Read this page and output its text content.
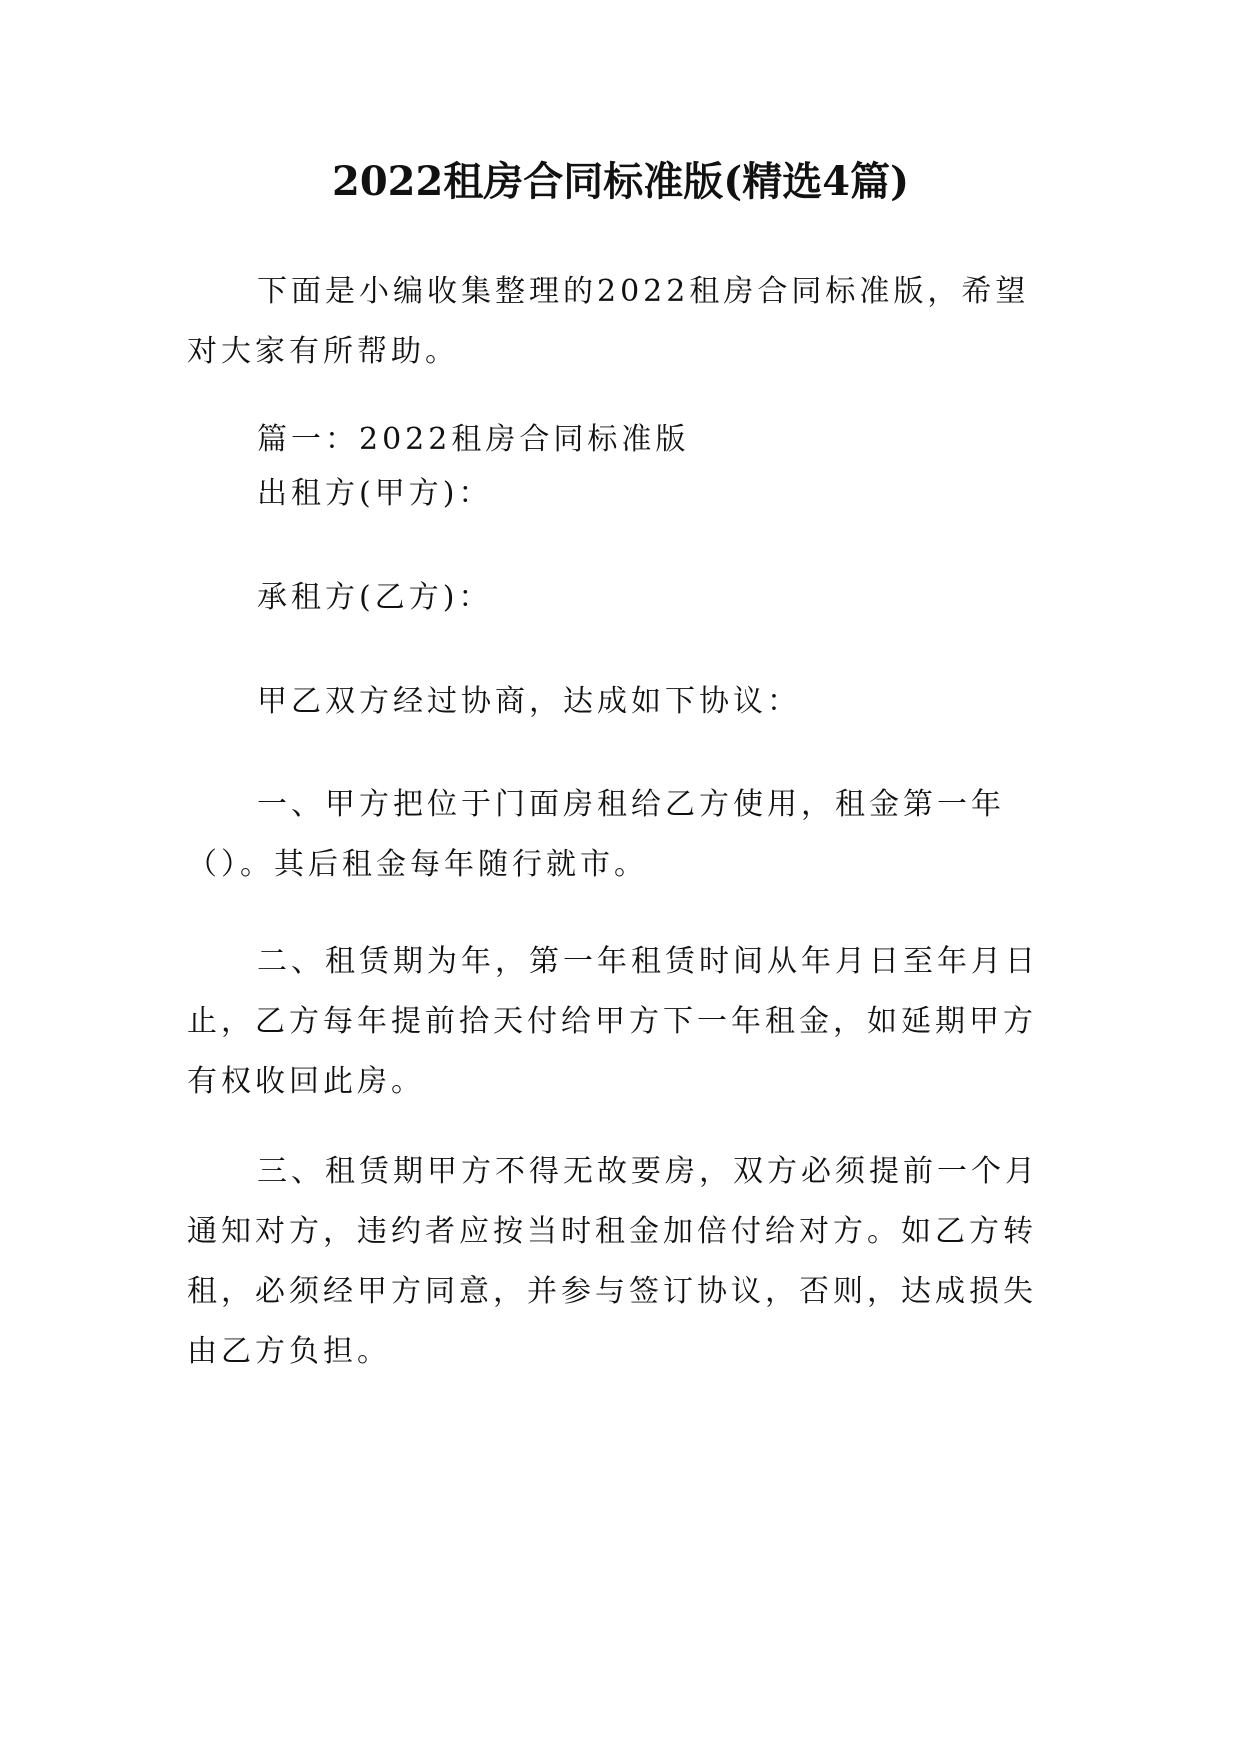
2022租房合同标准版(精选4篇)

下面是小编收集整理的2022租房合同标准版，希望对大家有所帮助。

篇一：2022租房合同标准版

出租方(甲方)：

承租方(乙方)：

甲乙双方经过协商，达成如下协议：

一、甲方把位于门面房租给乙方使用，租金第一年（）。其后租金每年随行就市。

二、租赁期为年，第一年租赁时间从年月日至年月日止，乙方每年提前拾天付给甲方下一年租金，如延期甲方有权收回此房。

三、租赁期甲方不得无故要房，双方必须提前一个月通知对方，违约者应按当时租金加倍付给对方。如乙方转租，必须经甲方同意，并参与签订协议，否则，达成损失由乙方负担。
